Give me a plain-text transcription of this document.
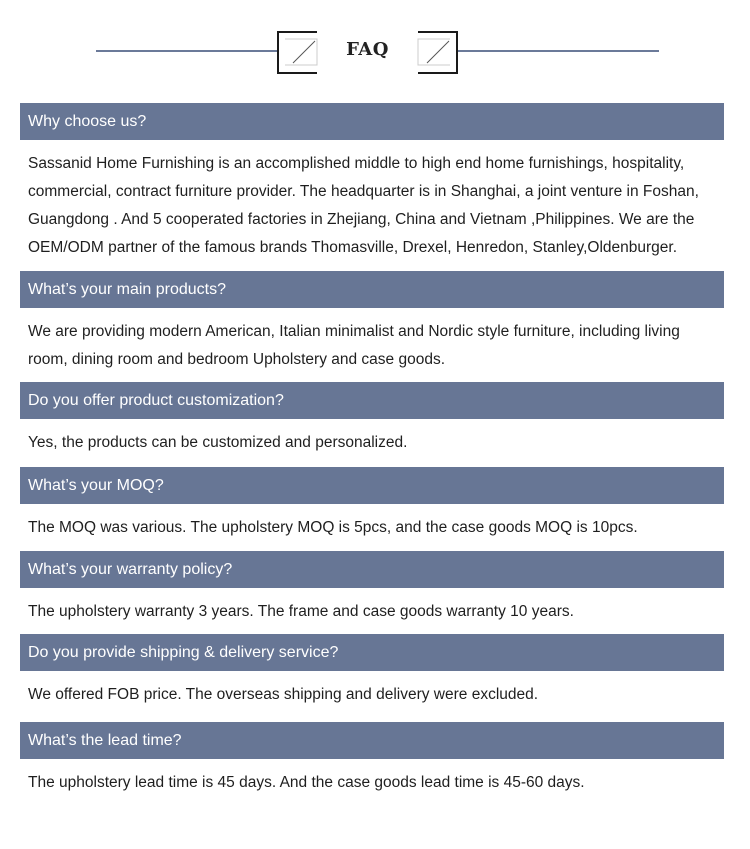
FAQ
Why choose us?

Sassanid Home Furnishing is an accomplished middle to high end home furnishings, hospitality, commercial, contract furniture provider. The headquarter is in Shanghai, a joint venture in Foshan, Guangdong . And 5 cooperated factories in Zhejiang, China and Vietnam ,Philippines. We are the OEM/ODM partner of the famous brands Thomasville, Drexel, Henredon, Stanley,Oldenburger.

What’s your main products?

We are providing modern American, Italian minimalist and Nordic style furniture, including living room, dining room and bedroom Upholstery and case goods.

Do you offer product customization?

Yes, the products can be customized and personalized.

What’s your MOQ?

The MOQ was various. The upholstery MOQ is 5pcs, and the case goods MOQ is 10pcs.

What’s your warranty policy?

The upholstery warranty 3 years. The frame and case goods warranty 10 years.

Do you provide shipping & delivery service?

We offered FOB price. The overseas shipping and delivery were excluded.

What’s the lead time?

The upholstery lead time is 45 days. And the case goods lead time is 45-60 days.
